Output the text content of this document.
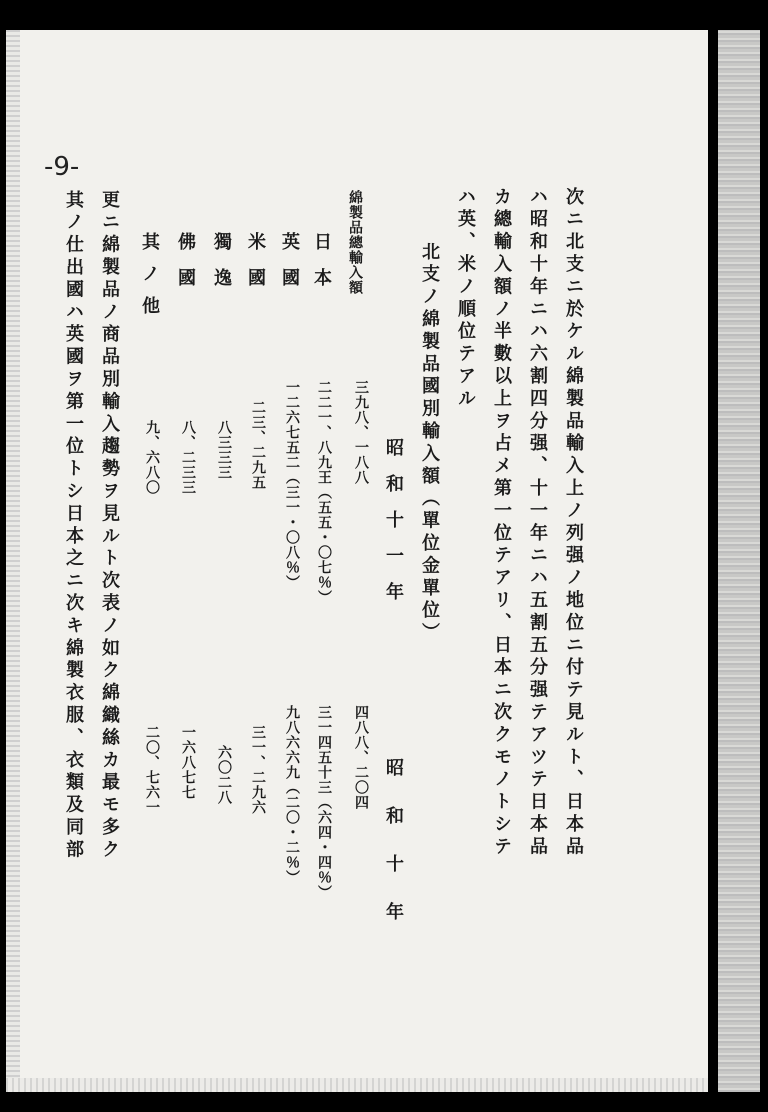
-9-
次ニ北支ニ於ケル綿製品輸入上ノ列强ノ地位ニ付テ見ルト、日本品
ハ昭和十年ニハ六割四分强、十一年ニハ五割五分强テアツテ日本品
カ總輸入額ノ半數以上ヲ占メ第一位テアリ、日本ニ次クモノトシテ
ハ英、米ノ順位テアル
北支ノ綿製品國別輸入額（單位金單位）
昭和十一年
昭和十年
綿製品總輸入額
三九八、一八八
四八八、二〇四
日　本
二二一、八九王（五五・〇七％）
三一四五十三（六四・四％）
英　國
一二六七五二（三一・〇八％）
九八六六九（二〇・二％）
米　國
二三、二九五
三一、二九六
獨　逸
八三三三
六〇二八
佛　國
八、二三三
一六八七七
其ノ他
九、六八〇
二〇、七六一
更ニ綿製品ノ商品別輸入趨勢ヲ見ルト次表ノ如ク綿織絲カ最モ多ク
其ノ仕出國ハ英國ヲ第一位トシ日本之ニ次キ綿製衣服、衣類及同部
